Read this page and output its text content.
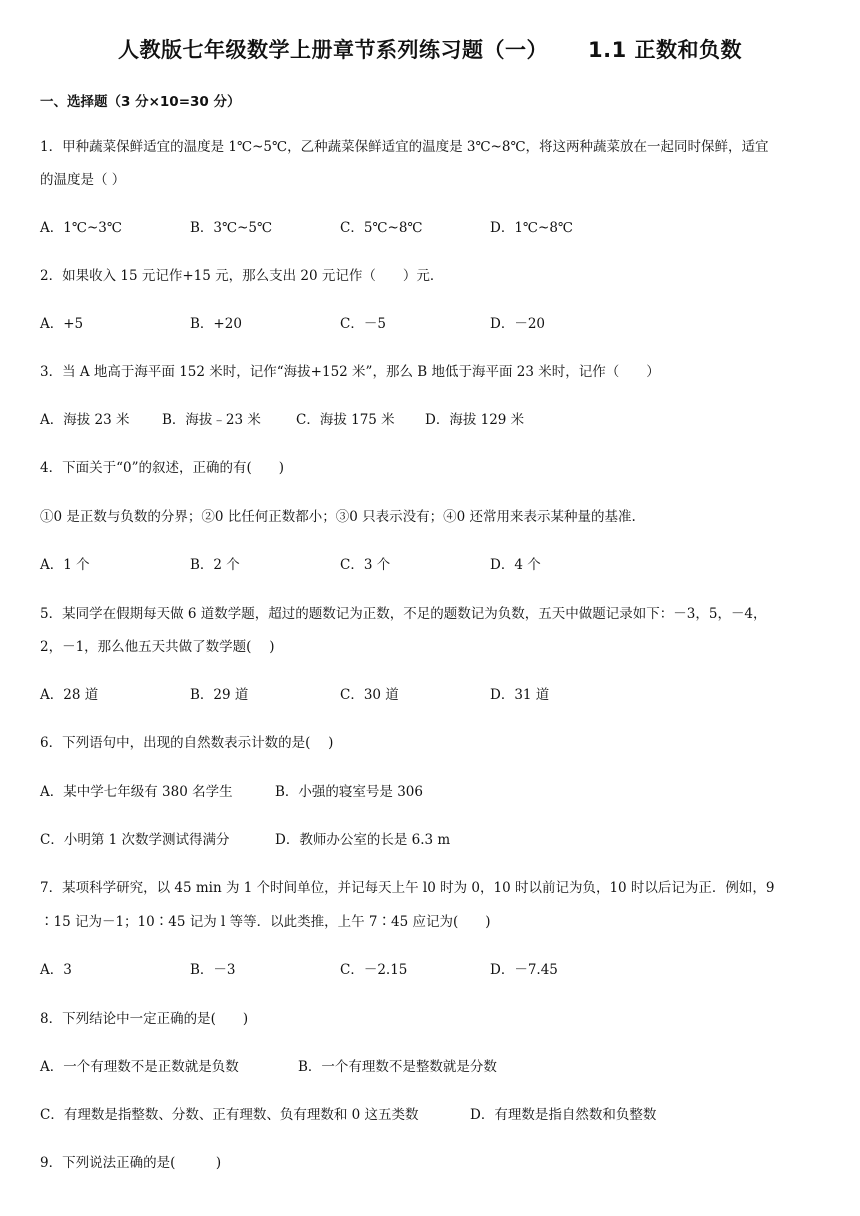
人教版七年级数学上册章节系列练习题（一） 1.1 正数和负数
一、选择题（3 分×10=30 分）
1．甲种蔬菜保鲜适宜的温度是 1℃~5℃，乙种蔬菜保鲜适宜的温度是 3℃~8℃，将这两种蔬菜放在一起同时保鲜，适宜
的温度是（ ）
A．1℃~3℃	B．3℃~5℃	C．5℃~8℃	D．1℃~8℃
2．如果收入 15 元记作+15 元，那么支出 20 元记作（　　）元．
A．+5	B．+20	C．－5	D．－20
3．当 A 地高于海平面 152 米时，记作“海拔+152 米”，那么 B 地低于海平面 23 米时，记作（　　）
A．海拔 23 米 B．海拔﹣23 米	C．海拔 175 米 D．海拔 129 米
4．下面关于“0”的叙述，正确的有(　　)
①0 是正数与负数的分界；②0 比任何正数都小；③0 只表示没有；④0 还常用来表示某种量的基准.
A．1 个	B．2 个	C．3 个	D．4 个
5．某同学在假期每天做 6 道数学题，超过的题数记为正数，不足的题数记为负数，五天中做题记录如下：－3，5，－4，
2，－1，那么他五天共做了数学题(　 )
A．28 道	B．29 道	C．30 道	D．31 道
6．下列语句中，出现的自然数表示计数的是(　 )
A．某中学七年级有 380 名学生	B．小强的寝室号是 306
C．小明第 1 次数学测试得满分	D．教师办公室的长是 6.3 m
7．某项科学研究，以 45 min 为 1 个时间单位，并记每天上午 l0 时为 0，10 时以前记为负，10 时以后记为正．例如，9
∶15 记为－1；10∶45 记为 l 等等．以此类推，上午 7∶45 应记为(　　)
A．3	B．－3	C．－2.15	D．－7.45
8．下列结论中一定正确的是(　　)
A．一个有理数不是正数就是负数	B．一个有理数不是整数就是分数
C．有理数是指整数、分数、正有理数、负有理数和 0 这五类数	D．有理数是指自然数和负整数
9．下列说法正确的是(　　　)
